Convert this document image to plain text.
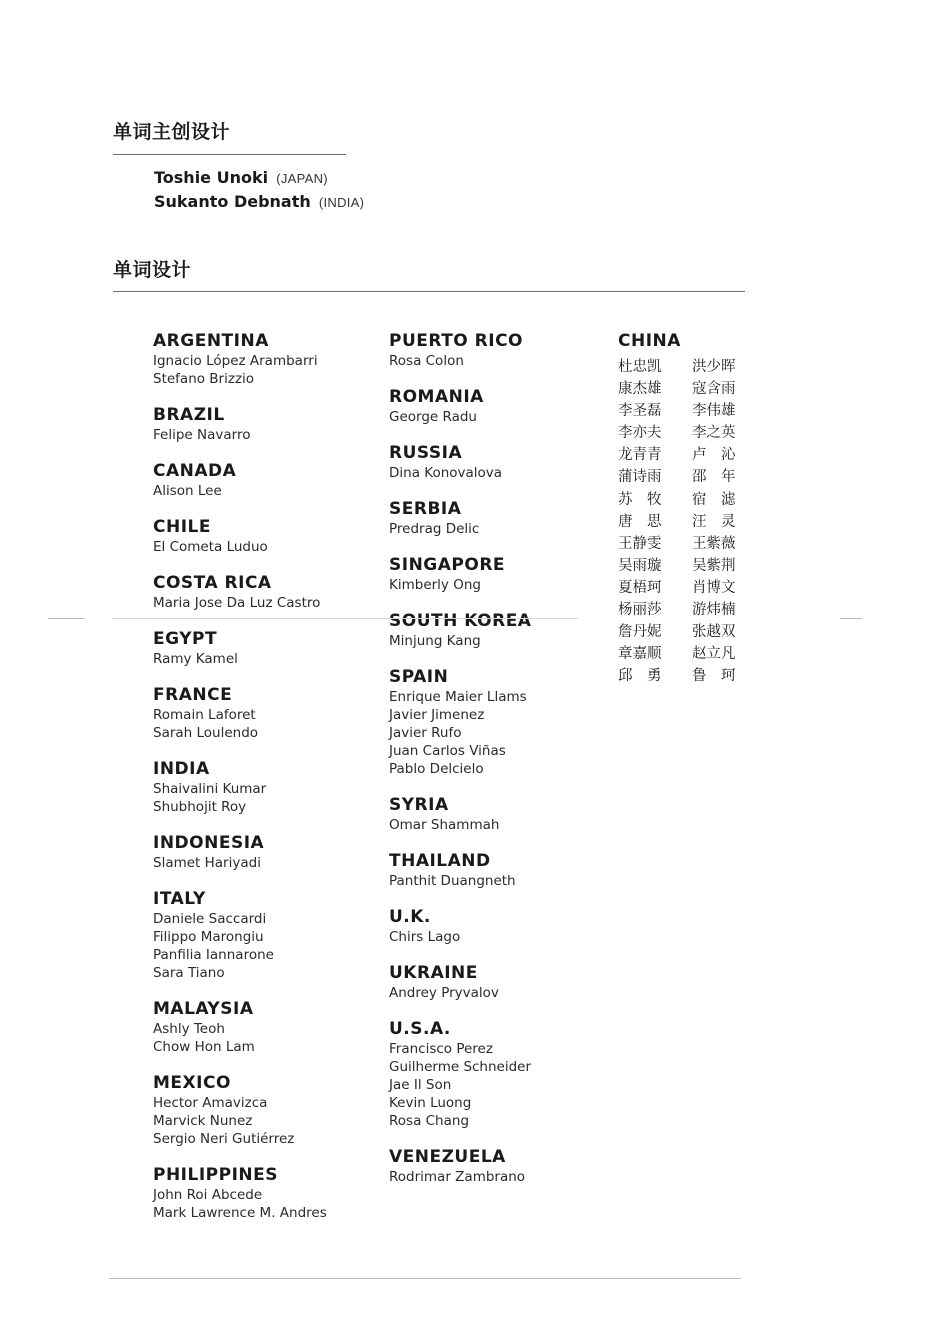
单词主创设计
Toshie Unoki (JAPAN)
Sukanto Debnath (INDIA)
单词设计
ARGENTINA
Ignacio López Arambarri
Stefano Brizzio
BRAZIL
Felipe Navarro
CANADA
Alison Lee
CHILE
El Cometa Luduo
COSTA RICA
Maria Jose Da Luz Castro
EGYPT
Ramy Kamel
FRANCE
Romain Laforet
Sarah Loulendo
INDIA
Shaivalini Kumar
Shubhojit Roy
INDONESIA
Slamet Hariyadi
ITALY
Daniele Saccardi
Filippo Marongiu
Panfilia Iannarone
Sara Tiano
MALAYSIA
Ashly Teoh
Chow Hon Lam
MEXICO
Hector Amavizca
Marvick Nunez
Sergio Neri Gutiérrez
PHILIPPINES
John Roi Abcede
Mark Lawrence M. Andres
PUERTO RICO
Rosa Colon
ROMANIA
George Radu
RUSSIA
Dina Konovalova
SERBIA
Predrag Delic
SINGAPORE
Kimberly Ong
SOUTH KOREA
Minjung Kang
SPAIN
Enrique Maier Llams
Javier Jimenez
Javier Rufo
Juan Carlos Viñas
Pablo Delcielo
SYRIA
Omar Shammah
THAILAND
Panthit Duangneth
U.K.
Chirs Lago
UKRAINE
Andrey Pryvalov
U.S.A.
Francisco Perez
Guilherme Schneider
Jae Il Son
Kevin Luong
Rosa Chang
VENEZUELA
Rodrimar Zambrano
CHINA
杜忠凯	洪少晖
康杰雄	寇含雨
李圣磊	李伟雄
李亦夫	李之英
龙青青	卢　沁
蒲诗雨	邵　年
苏　牧	宿　滤
唐　思	汪　灵
王静雯	王紫薇
吴雨璇	吴紫荆
夏梧珂	肖博文
杨丽莎	游炜楠
詹丹妮	张越双
章嘉顺	赵立凡
邱　勇	鲁　珂
